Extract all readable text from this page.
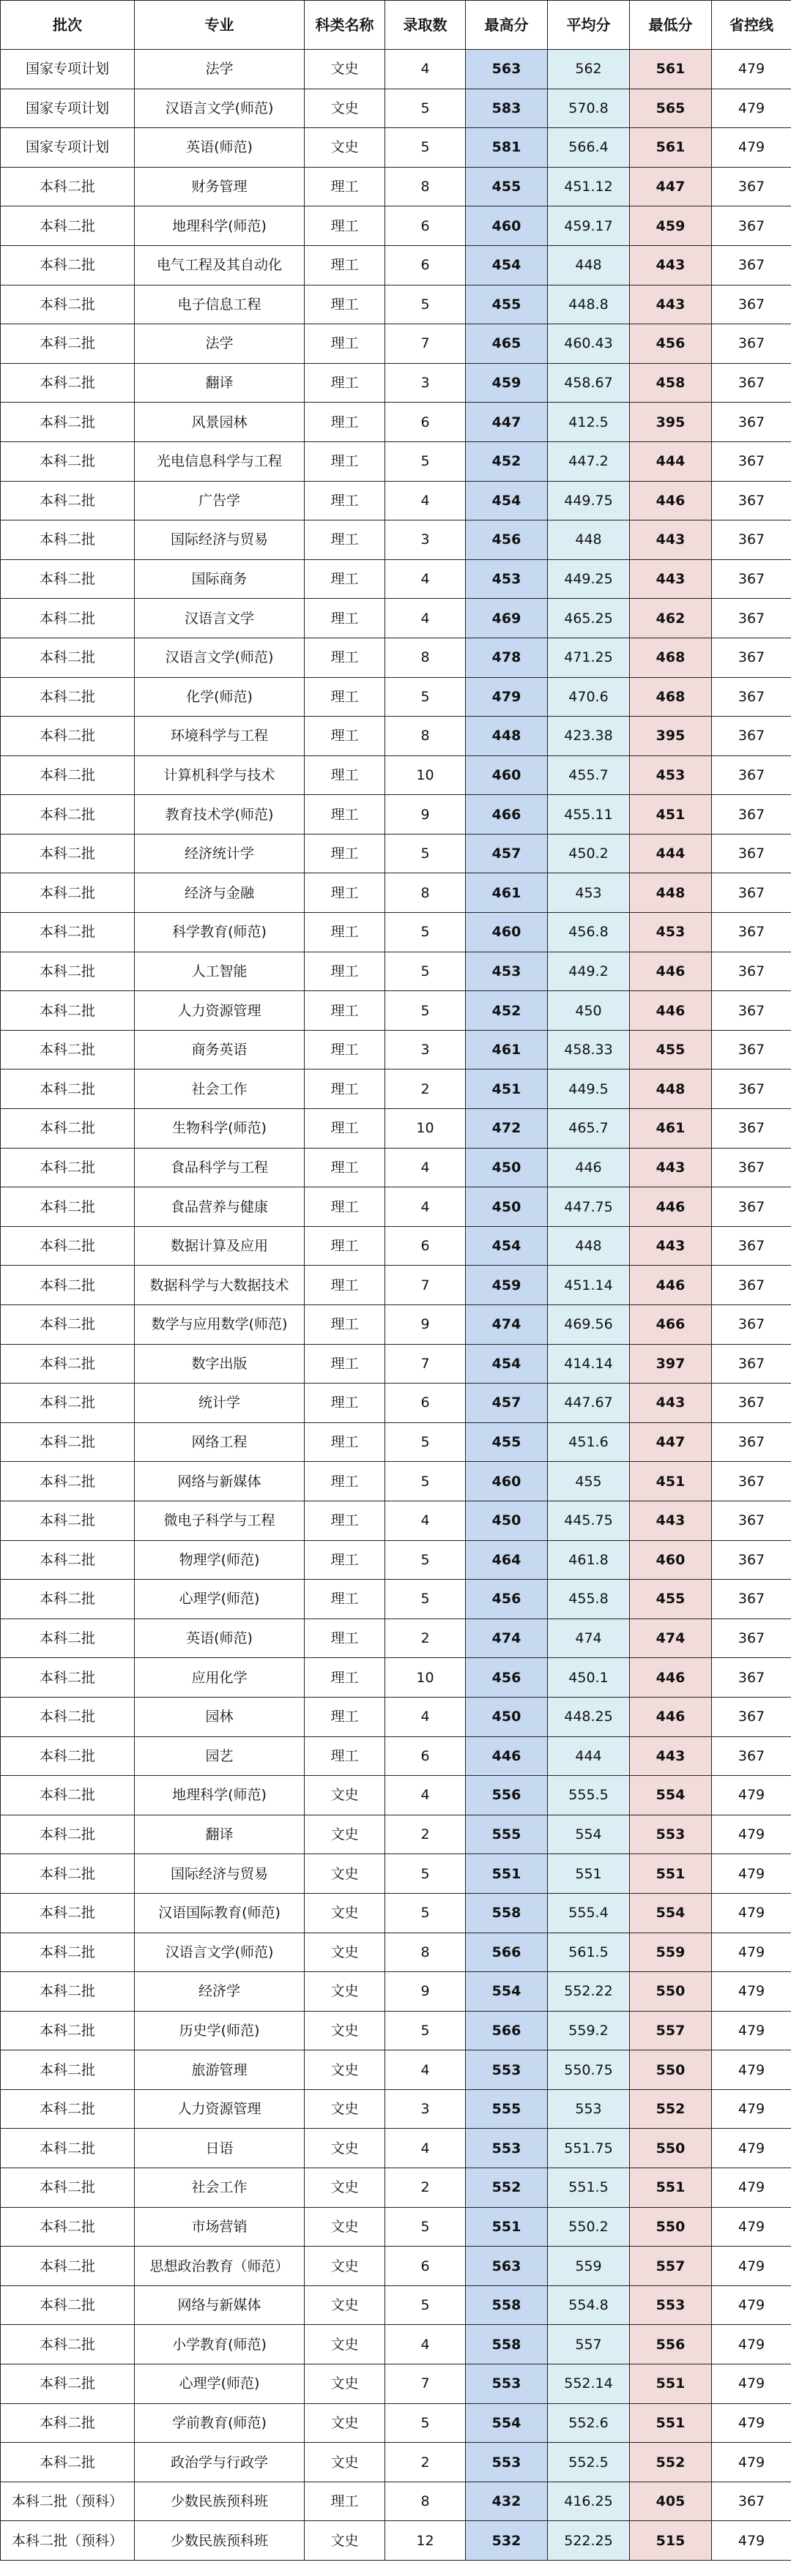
批次	专业	科类名称	录取数	最高分	平均分	最低分	省控线
国家专项计划	法学	文史	4	563	562	561	479
国家专项计划	汉语言文学(师范)	文史	5	583	570.8	565	479
国家专项计划	英语(师范)	文史	5	581	566.4	561	479
本科二批	财务管理	理工	8	455	451.12	447	367
本科二批	地理科学(师范)	理工	6	460	459.17	459	367
本科二批	电气工程及其自动化	理工	6	454	448	443	367
本科二批	电子信息工程	理工	5	455	448.8	443	367
本科二批	法学	理工	7	465	460.43	456	367
本科二批	翻译	理工	3	459	458.67	458	367
本科二批	风景园林	理工	6	447	412.5	395	367
本科二批	光电信息科学与工程	理工	5	452	447.2	444	367
本科二批	广告学	理工	4	454	449.75	446	367
本科二批	国际经济与贸易	理工	3	456	448	443	367
本科二批	国际商务	理工	4	453	449.25	443	367
本科二批	汉语言文学	理工	4	469	465.25	462	367
本科二批	汉语言文学(师范)	理工	8	478	471.25	468	367
本科二批	化学(师范)	理工	5	479	470.6	468	367
本科二批	环境科学与工程	理工	8	448	423.38	395	367
本科二批	计算机科学与技术	理工	10	460	455.7	453	367
本科二批	教育技术学(师范)	理工	9	466	455.11	451	367
本科二批	经济统计学	理工	5	457	450.2	444	367
本科二批	经济与金融	理工	8	461	453	448	367
本科二批	科学教育(师范)	理工	5	460	456.8	453	367
本科二批	人工智能	理工	5	453	449.2	446	367
本科二批	人力资源管理	理工	5	452	450	446	367
本科二批	商务英语	理工	3	461	458.33	455	367
本科二批	社会工作	理工	2	451	449.5	448	367
本科二批	生物科学(师范)	理工	10	472	465.7	461	367
本科二批	食品科学与工程	理工	4	450	446	443	367
本科二批	食品营养与健康	理工	4	450	447.75	446	367
本科二批	数据计算及应用	理工	6	454	448	443	367
本科二批	数据科学与大数据技术	理工	7	459	451.14	446	367
本科二批	数学与应用数学(师范)	理工	9	474	469.56	466	367
本科二批	数字出版	理工	7	454	414.14	397	367
本科二批	统计学	理工	6	457	447.67	443	367
本科二批	网络工程	理工	5	455	451.6	447	367
本科二批	网络与新媒体	理工	5	460	455	451	367
本科二批	微电子科学与工程	理工	4	450	445.75	443	367
本科二批	物理学(师范)	理工	5	464	461.8	460	367
本科二批	心理学(师范)	理工	5	456	455.8	455	367
本科二批	英语(师范)	理工	2	474	474	474	367
本科二批	应用化学	理工	10	456	450.1	446	367
本科二批	园林	理工	4	450	448.25	446	367
本科二批	园艺	理工	6	446	444	443	367
本科二批	地理科学(师范)	文史	4	556	555.5	554	479
本科二批	翻译	文史	2	555	554	553	479
本科二批	国际经济与贸易	文史	5	551	551	551	479
本科二批	汉语国际教育(师范)	文史	5	558	555.4	554	479
本科二批	汉语言文学(师范)	文史	8	566	561.5	559	479
本科二批	经济学	文史	9	554	552.22	550	479
本科二批	历史学(师范)	文史	5	566	559.2	557	479
本科二批	旅游管理	文史	4	553	550.75	550	479
本科二批	人力资源管理	文史	3	555	553	552	479
本科二批	日语	文史	4	553	551.75	550	479
本科二批	社会工作	文史	2	552	551.5	551	479
本科二批	市场营销	文史	5	551	550.2	550	479
本科二批	思想政治教育（师范）	文史	6	563	559	557	479
本科二批	网络与新媒体	文史	5	558	554.8	553	479
本科二批	小学教育(师范)	文史	4	558	557	556	479
本科二批	心理学(师范)	文史	7	553	552.14	551	479
本科二批	学前教育(师范)	文史	5	554	552.6	551	479
本科二批	政治学与行政学	文史	2	553	552.5	552	479
本科二批（预科）	少数民族预科班	理工	8	432	416.25	405	367
本科二批（预科）	少数民族预科班	文史	12	532	522.25	515	479
